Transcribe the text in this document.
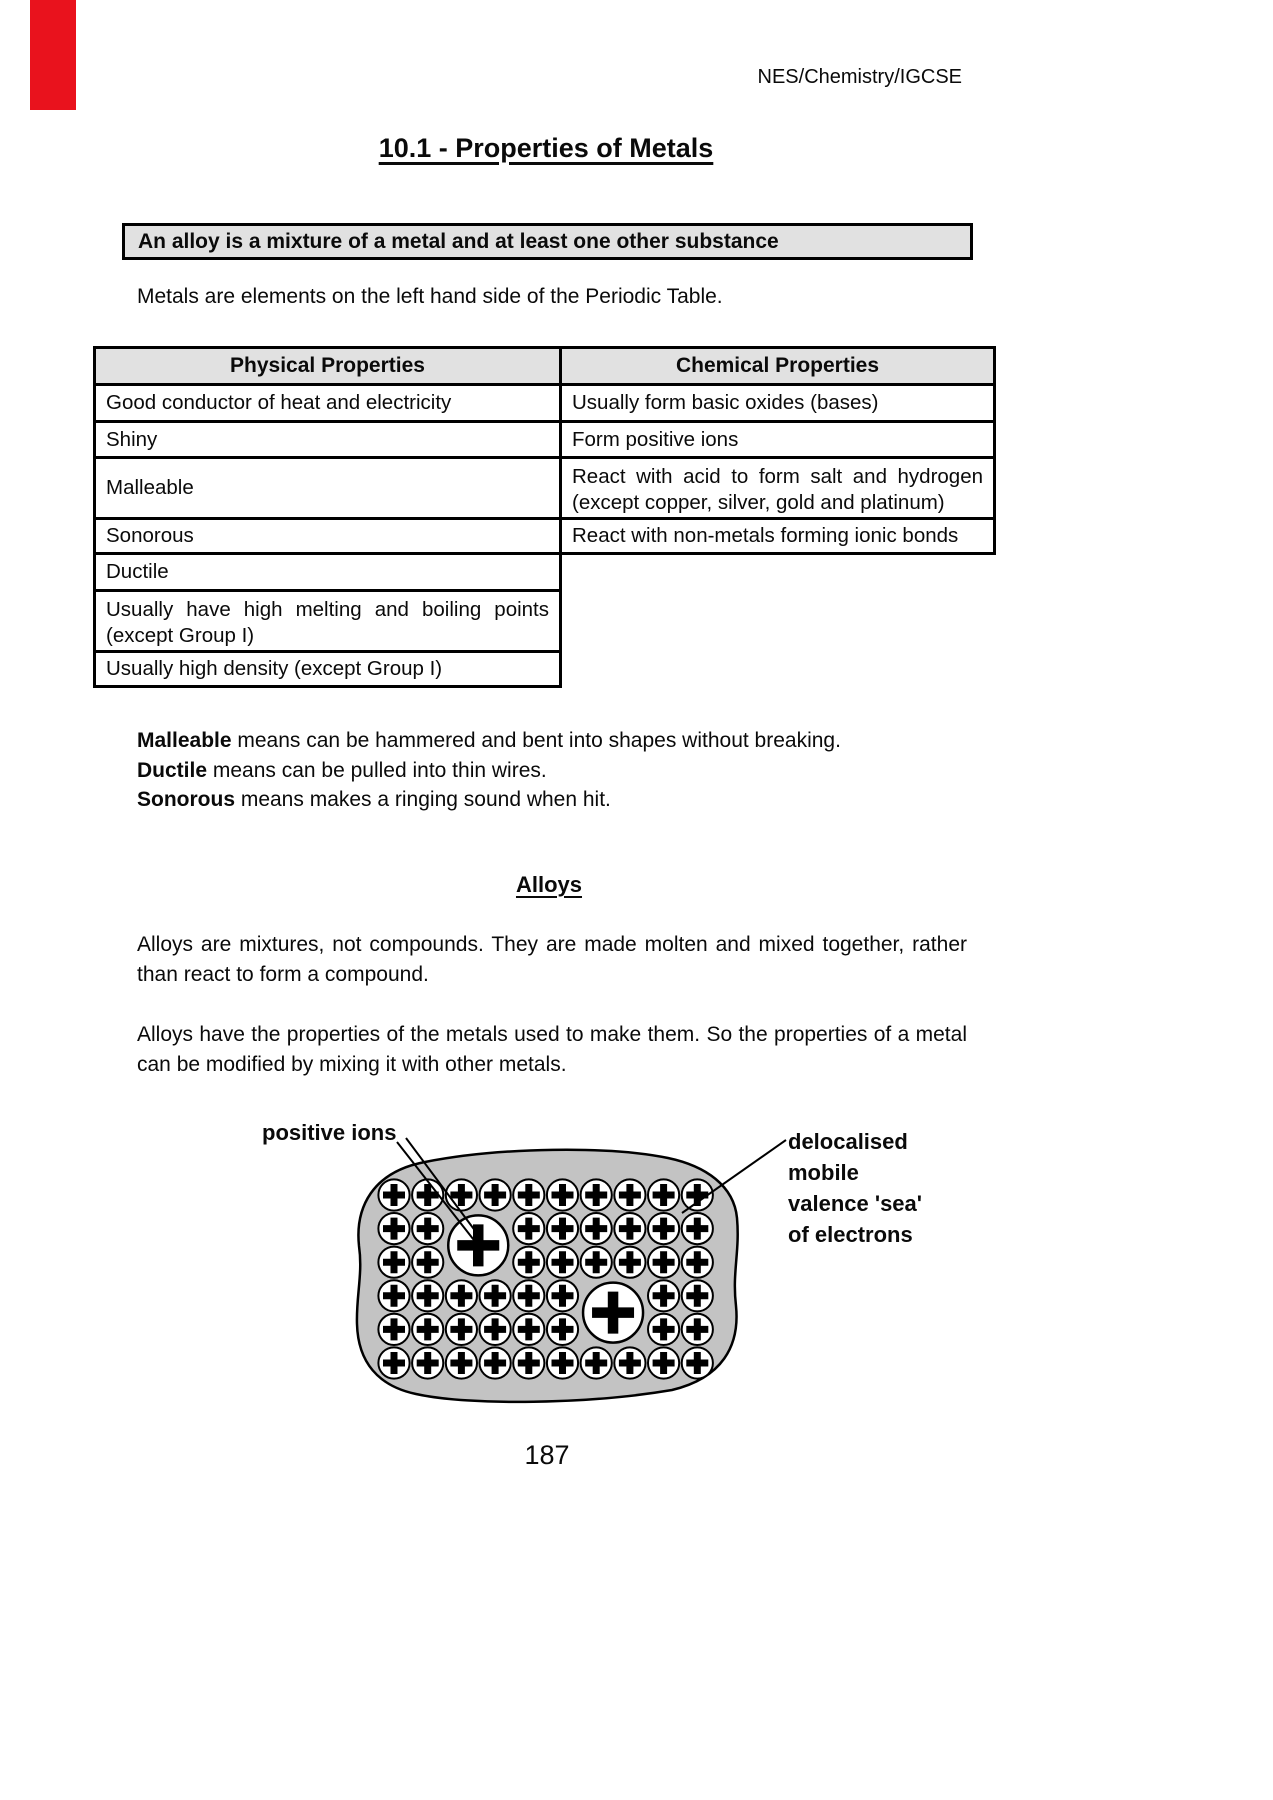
NES/Chemistry/IGCSE
10.1 - Properties of Metals
An alloy is a mixture of a metal and at least one other substance
Metals are elements on the left hand side of the Periodic Table.
Physical Properties
Good conductor of heat and electricity
Shiny
Malleable
Sonorous
Ductile
Usually have high melting and boiling points (except Group I)
Usually high density (except Group I)
Chemical Properties
Usually form basic oxides (bases)
Form positive ions
React with acid to form salt and hydrogen (except copper, silver, gold and platinum)
React with non-metals forming ionic bonds
Malleable means can be hammered and bent into shapes without breaking.
Ductile means can be pulled into thin wires.
Sonorous means makes a ringing sound when hit.
Alloys
Alloys are mixtures, not compounds. They are made molten and mixed together, rather than react to form a compound.
Alloys have the properties of the metals used to make them. So the properties of a metal can be modified by mixing it with other metals.
positive ions	delocalised
mobile
valence 'sea'
of electrons
187
